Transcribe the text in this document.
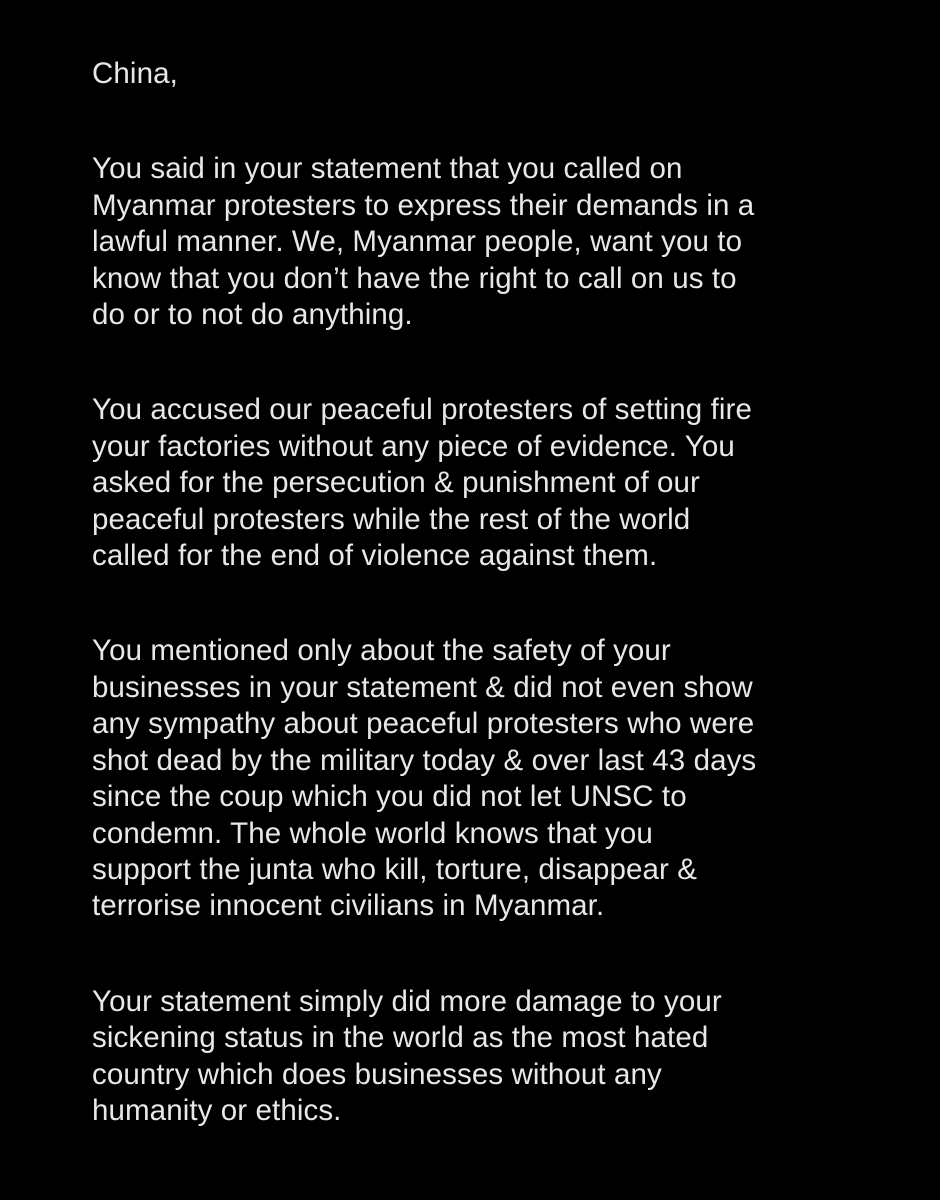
China,
You said in your statement that you called on
Myanmar protesters to express their demands in a
lawful manner. We, Myanmar people, want you to
know that you don’t have the right to call on us to
do or to not do anything.
You accused our peaceful protesters of setting fire
your factories without any piece of evidence. You
asked for the persecution & punishment of our
peaceful protesters while the rest of the world
called for the end of violence against them.
You mentioned only about the safety of your
businesses in your statement & did not even show
any sympathy about peaceful protesters who were
shot dead by the military today & over last 43 days
since the coup which you did not let UNSC to
condemn. The whole world knows that you
support the junta who kill, torture, disappear &
terrorise innocent civilians in Myanmar.
Your statement simply did more damage to your
sickening status in the world as the most hated
country which does businesses without any
humanity or ethics.
